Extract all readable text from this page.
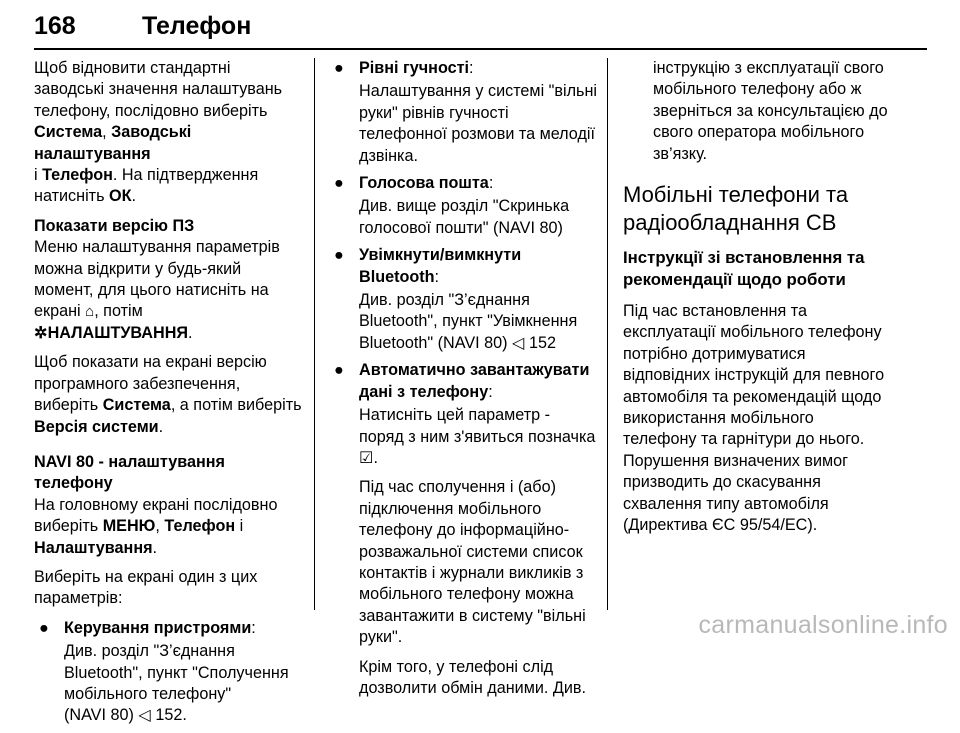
168	Телефон

Щоб відновити стандартні
заводські значення налаштувань
телефону, послідовно виберіть
Система, Заводські налаштування
і Телефон. На підтвердження
натисніть ОК.

Показати версію ПЗ

Меню налаштування параметрів
можна відкрити у будь-який
момент, для цього натисніть на
екрані ⌂, потім
✲НАЛАШТУВАННЯ.

Щоб показати на екрані версію
програмного забезпечення,
виберіть Система, а потім виберіть
Версія системи.

NAVI 80 - налаштування телефону

На головному екрані послідовно
виберіть МЕНЮ, Телефон і
Налаштування.

Виберіть на екрані один з цих
параметрів:

● Керування пристроями:
Див. розділ "З’єднання
Bluetooth", пункт "Сполучення
мобільного телефону"
(NAVI 80) ◁ 152.
● Рівні гучності:
Налаштування у системі "вільні
руки" рівнів гучності
телефонної розмови та мелодії
дзвінка.
● Голосова пошта:
Див. вище розділ "Скринька
голосової пошти" (NAVI 80)
● Увімкнути/вимкнути Bluetooth:
Див. розділ "З’єднання
Bluetooth", пункт "Увімкнення
Bluetooth" (NAVI 80) ◁ 152
● Автоматично завантажувати
дані з телефону:

Натисніть цей параметр -
поряд з ним з'явиться позначка
☑.

Під час сполучення і (або)
підключення мобільного
телефону до інформаційно-
розважальної системи список
контактів і журнали викликів з
мобільного телефону можна
завантажити в систему "вільні
руки".

Крім того, у телефоні слід
дозволити обмін даними. Див.

інструкцію з експлуатації свого
мобільного телефону або ж
зверніться за консультацією до
свого оператора мобільного
зв’язку.
Мобільні телефони та
радіообладнання СВ
Інструкції зі встановлення та
рекомендації щодо роботи

Під час встановлення та
експлуатації мобільного телефону
потрібно дотримуватися
відповідних інструкцій для певного
автомобіля та рекомендацій щодо
використання мобільного
телефону та гарнітури до нього.
Порушення визначених вимог
призводить до скасування
схвалення типу автомобіля
(Директива ЄС 95/54/ЕС).

carmanualsonline.info
